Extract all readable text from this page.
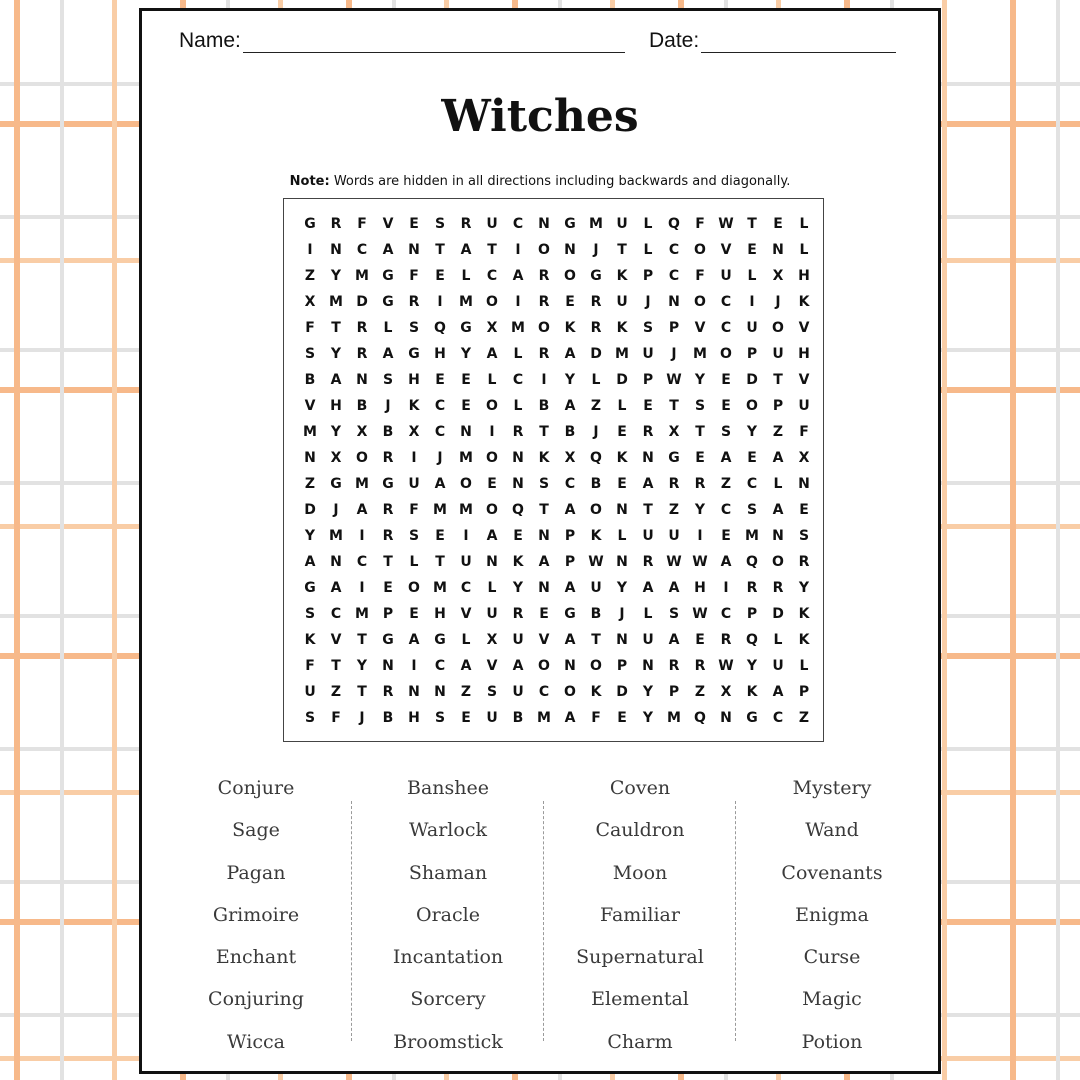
Name:	Date:
Witches
Note: Words are hidden in all directions including backwards and diagonally.
G	R	F	V	E	S	R	U	C	N	G M U	L	Q	F W T	E	L
I	N	C	A	N	T	A	T	I	O	N	J	T	L	C	O	V	E	N	L
Z	Y M G	F	E	L	C	A	R	O	G	K	P	C	F	U	L	X	H
X M D	G	R	I	M O	I	R	E	R	U	J	N	O	C	I	J	K
F	T	R	L	S	Q	G	X M O	K	R	K	S	P	V	C	U	O	V
S	Y	R	A	G	H	Y	A	L	R	A	D M U	J	M O	P	U	H
B	A	N	S	H	E	E	L	C	I	Y	L	D	P W Y	E	D	T	V
V	H	B	J	K	C	E	O	L	B	A	Z	L	E	T	S	E	O	P	U
M Y	X	B	X	C	N	I	R	T	B	J	E	R	X	T	S	Y	Z	F
N	X	O	R	I	J	M O	N	K	X	Q	K	N	G	E	A	E	A	X
Z	G M G	U	A	O	E	N	S	C	B	E	A	R	R	Z	C	L	N
D	J	A	R	F	M M O	Q	T	A	O	N	T	Z	Y	C	S	A	E
Y M	I	R	S	E	I	A	E	N	P	K	L	U	U	I	E	M N	S
A	N	C	T	L	T	U	N	K	A	P W N	R W W A	Q	O	R
G	A	I	E	O M C	L	Y	N	A	U	Y	A	A	H	I	R	R	Y
S	C M P	E	H	V	U	R	E	G	B	J	L	S W C	P	D	K
K	V	T	G	A	G	L	X	U	V	A	T	N	U	A	E	R	Q	L	K
F	T	Y	N	I	C	A	V	A	O	N	O	P	N	R	R W Y	U	L
U	Z	T	R	N	N	Z	S	U	C	O	K	D	Y	P	Z	X	K	A	P
S	F	J	B	H	S	E	U	B M A	F	E	Y M Q	N	G	C	Z
Conjure
Sage
Pagan
Grimoire
Enchant
Conjuring
Wicca
Banshee
Warlock
Shaman
Oracle
Incantation
Sorcery
Broomstick
Coven
Cauldron
Moon
Familiar
Supernatural
Elemental
Charm
Mystery
Wand
Covenants
Enigma
Curse
Magic
Potion
